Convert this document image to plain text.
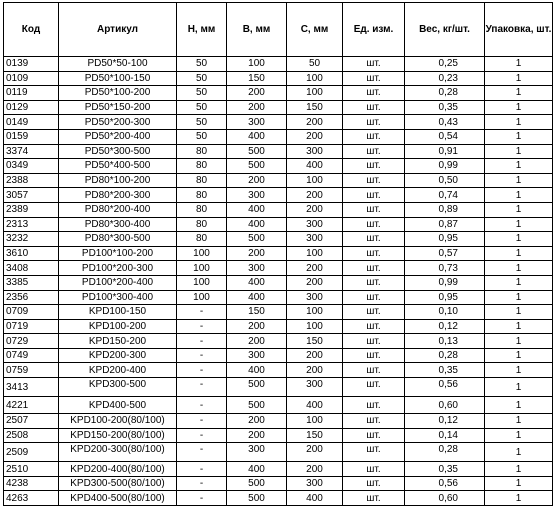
Код	Артикул	Н, мм	В, мм	С, мм	Ед. изм.	Вес, кг/шт.	Упаковка, шт.
0139	PD50*50-100	50	100	50	шт.	0,25	1
0109	PD50*100-150	50	150	100	шт.	0,23	1
0119	PD50*100-200	50	200	100	шт.	0,28	1
0129	PD50*150-200	50	200	150	шт.	0,35	1
0149	PD50*200-300	50	300	200	шт.	0,43	1
0159	PD50*200-400	50	400	200	шт.	0,54	1
3374	PD50*300-500	80	500	300	шт.	0,91	1
0349	PD50*400-500	80	500	400	шт.	0,99	1
2388	PD80*100-200	80	200	100	шт.	0,50	1
3057	PD80*200-300	80	300	200	шт.	0,74	1
2389	PD80*200-400	80	400	200	шт.	0,89	1
2313	PD80*300-400	80	400	300	шт.	0,87	1
3232	PD80*300-500	80	500	300	шт.	0,95	1
3610	PD100*100-200	100	200	100	шт.	0,57	1
3408	PD100*200-300	100	300	200	шт.	0,73	1
3385	PD100*200-400	100	400	200	шт.	0,99	1
2356	PD100*300-400	100	400	300	шт.	0,95	1
0709	KPD100-150	-	150	100	шт.	0,10	1
0719	KPD100-200	-	200	100	шт.	0,12	1
0729	KPD150-200	-	200	150	шт.	0,13	1
0749	KPD200-300	-	300	200	шт.	0,28	1
0759	KPD200-400	-	400	200	шт.	0,35	1
3413	KPD300-500	-	500	300	шт.	0,56	1
4221	KPD400-500	-	500	400	шт.	0,60	1
2507	KPD100-200(80/100)	-	200	100	шт.	0,12	1
2508	KPD150-200(80/100)	-	200	150	шт.	0,14	1
2509	KPD200-300(80/100)	-	300	200	шт.	0,28	1
2510	KPD200-400(80/100)	-	400	200	шт.	0,35	1
4238	KPD300-500(80/100)	-	500	300	шт.	0,56	1
4263	KPD400-500(80/100)	-	500	400	шт.	0,60	1
